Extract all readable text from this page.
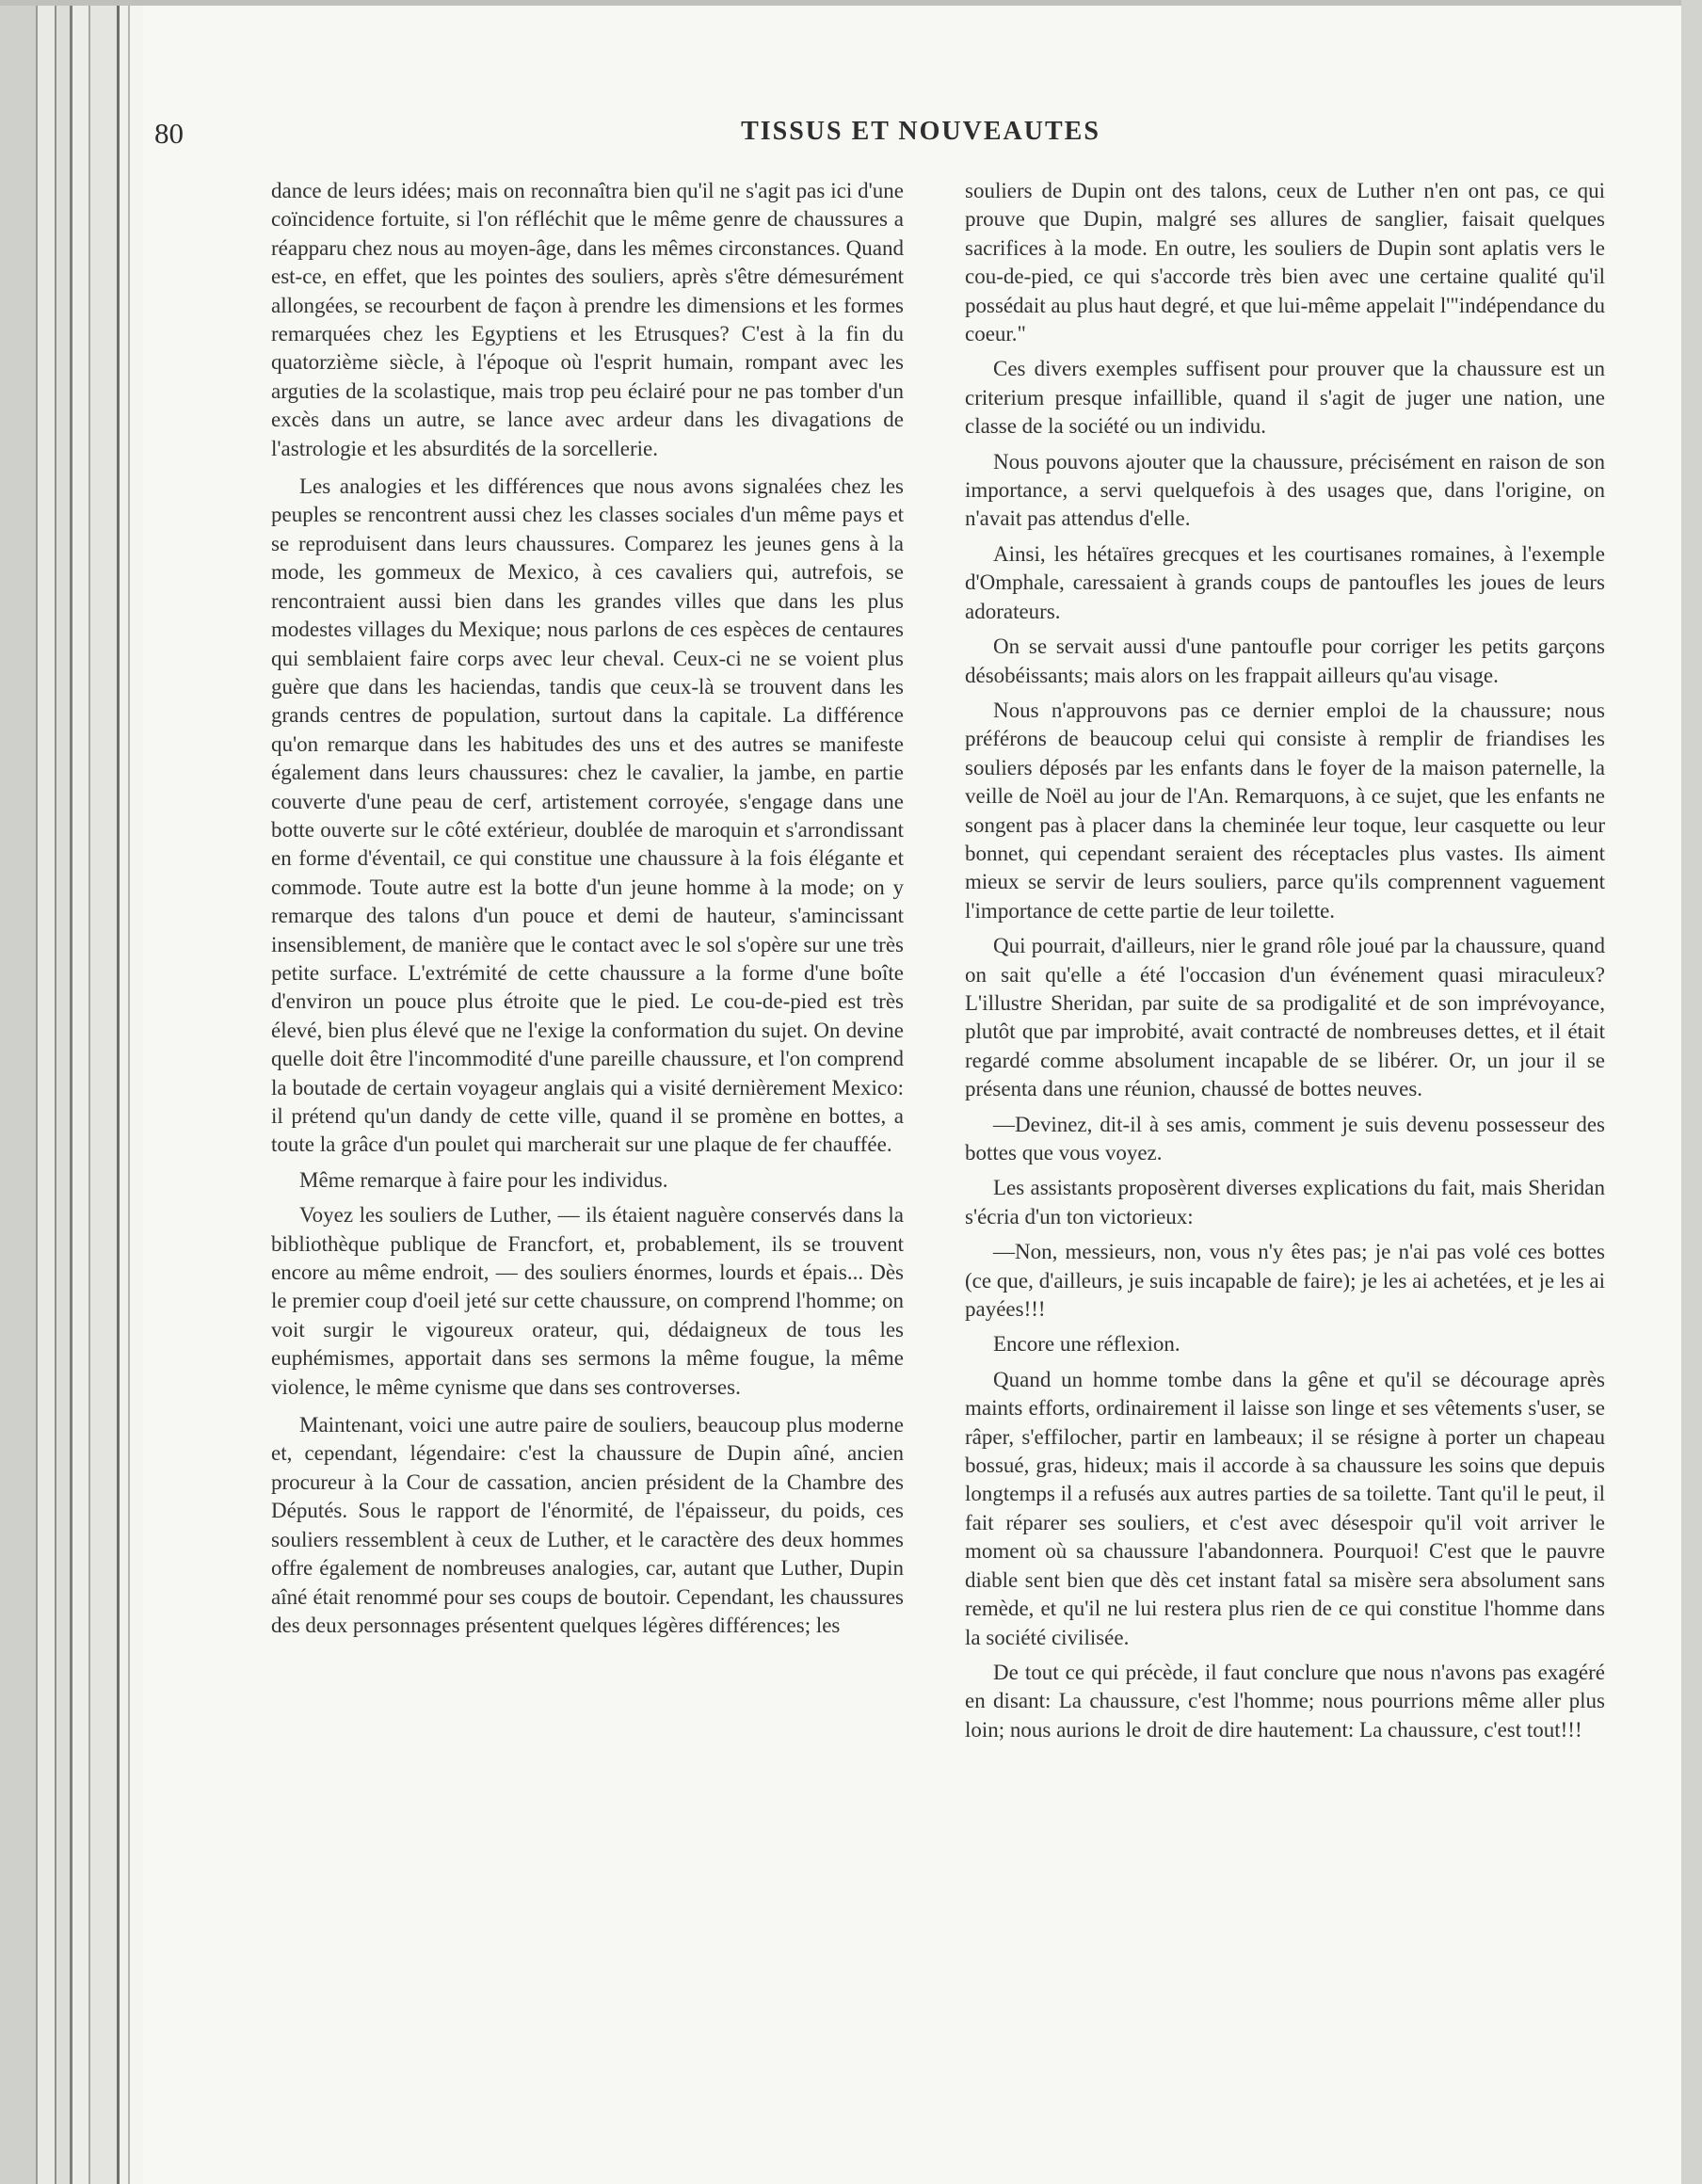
80	TISSUS ET NOUVEAUTES

dance de leurs idées; mais on reconnaîtra bien qu'il ne s'agit pas ici d'une coïncidence fortuite, si l'on réfléchit que le même genre de chaussures a réapparu chez nous au moyen-âge, dans les mêmes circonstances. Quand est-ce, en effet, que les pointes des souliers, après s'être démesurément allongées, se recourbent de façon à prendre les dimensions et les formes remarquées chez les Egyptiens et les Etrusques? C'est à la fin du quatorzième siècle, à l'époque où l'esprit humain, rompant avec les arguties de la scolastique, mais trop peu éclairé pour ne pas tomber d'un excès dans un autre, se lance avec ardeur dans les divagations de l'astrologie et les absurdités de la sorcellerie.

Les analogies et les différences que nous avons signalées chez les peuples se rencontrent aussi chez les classes sociales d'un même pays et se reproduisent dans leurs chaussures. Comparez les jeunes gens à la mode, les gommeux de Mexico, à ces cavaliers qui, autrefois, se rencontraient aussi bien dans les grandes villes que dans les plus modestes villages du Mexique; nous parlons de ces espèces de centaures qui semblaient faire corps avec leur cheval. Ceux-ci ne se voient plus guère que dans les haciendas, tandis que ceux-là se trouvent dans les grands centres de population, surtout dans la capitale. La différence qu'on remarque dans les habitudes des uns et des autres se manifeste également dans leurs chaussures: chez le cavalier, la jambe, en partie couverte d'une peau de cerf, artistement corroyée, s'engage dans une botte ouverte sur le côté extérieur, doublée de maroquin et s'arrondissant en forme d'éventail, ce qui constitue une chaussure à la fois élégante et commode. Toute autre est la botte d'un jeune homme à la mode; on y remarque des talons d'un pouce et demi de hauteur, s'amincissant insensiblement, de manière que le contact avec le sol s'opère sur une très petite surface. L'extrémité de cette chaussure a la forme d'une boîte d'environ un pouce plus étroite que le pied. Le cou-de-pied est très élevé, bien plus élevé que ne l'exige la conformation du sujet. On devine quelle doit être l'incommodité d'une pareille chaussure, et l'on comprend la boutade de certain voyageur anglais qui a visité dernièrement Mexico: il prétend qu'un dandy de cette ville, quand il se promène en bottes, a toute la grâce d'un poulet qui marcherait sur une plaque de fer chauffée.

Même remarque à faire pour les individus.

Voyez les souliers de Luther, — ils étaient naguère conservés dans la bibliothèque publique de Francfort, et, probablement, ils se trouvent encore au même endroit, — des souliers énormes, lourds et épais... Dès le premier coup d'oeil jeté sur cette chaussure, on comprend l'homme; on voit surgir le vigoureux orateur, qui, dédaigneux de tous les euphémismes, apportait dans ses sermons la même fougue, la même violence, le même cynisme que dans ses controverses.

Maintenant, voici une autre paire de souliers, beaucoup plus moderne et, cependant, légendaire: c'est la chaussure de Dupin aîné, ancien procureur à la Cour de cassation, ancien président de la Chambre des Députés. Sous le rapport de l'énormité, de l'épaisseur, du poids, ces souliers ressemblent à ceux de Luther, et le caractère des deux hommes offre également de nombreuses analogies, car, autant que Luther, Dupin aîné était renommé pour ses coups de boutoir. Cependant, les chaussures des deux personnages présentent quelques légères différences; les

souliers de Dupin ont des talons, ceux de Luther n'en ont pas, ce qui prouve que Dupin, malgré ses allures de sanglier, faisait quelques sacrifices à la mode. En outre, les souliers de Dupin sont aplatis vers le cou-de-pied, ce qui s'accorde très bien avec une certaine qualité qu'il possédait au plus haut degré, et que lui-même appelait l'"indépendance du coeur."

Ces divers exemples suffisent pour prouver que la chaussure est un criterium presque infaillible, quand il s'agit de juger une nation, une classe de la société ou un individu.

Nous pouvons ajouter que la chaussure, précisément en raison de son importance, a servi quelquefois à des usages que, dans l'origine, on n'avait pas attendus d'elle.

Ainsi, les hétaïres grecques et les courtisanes romaines, à l'exemple d'Omphale, caressaient à grands coups de pantoufles les joues de leurs adorateurs.

On se servait aussi d'une pantoufle pour corriger les petits garçons désobéissants; mais alors on les frappait ailleurs qu'au visage.

Nous n'approuvons pas ce dernier emploi de la chaussure; nous préférons de beaucoup celui qui consiste à remplir de friandises les souliers déposés par les enfants dans le foyer de la maison paternelle, la veille de Noël au jour de l'An. Remarquons, à ce sujet, que les enfants ne songent pas à placer dans la cheminée leur toque, leur casquette ou leur bonnet, qui cependant seraient des réceptacles plus vastes. Ils aiment mieux se servir de leurs souliers, parce qu'ils comprennent vaguement l'importance de cette partie de leur toilette.

Qui pourrait, d'ailleurs, nier le grand rôle joué par la chaussure, quand on sait qu'elle a été l'occasion d'un événement quasi miraculeux? L'illustre Sheridan, par suite de sa prodigalité et de son imprévoyance, plutôt que par improbité, avait contracté de nombreuses dettes, et il était regardé comme absolument incapable de se libérer. Or, un jour il se présenta dans une réunion, chaussé de bottes neuves.

—Devinez, dit-il à ses amis, comment je suis devenu possesseur des bottes que vous voyez.

Les assistants proposèrent diverses explications du fait, mais Sheridan s'écria d'un ton victorieux:

—Non, messieurs, non, vous n'y êtes pas; je n'ai pas volé ces bottes (ce que, d'ailleurs, je suis incapable de faire); je les ai achetées, et je les ai payées!!!

Encore une réflexion.

Quand un homme tombe dans la gêne et qu'il se décourage après maints efforts, ordinairement il laisse son linge et ses vêtements s'user, se râper, s'effilocher, partir en lambeaux; il se résigne à porter un chapeau bossué, gras, hideux; mais il accorde à sa chaussure les soins que depuis longtemps il a refusés aux autres parties de sa toilette. Tant qu'il le peut, il fait réparer ses souliers, et c'est avec désespoir qu'il voit arriver le moment où sa chaussure l'abandonnera. Pourquoi! C'est que le pauvre diable sent bien que dès cet instant fatal sa misère sera absolument sans remède, et qu'il ne lui restera plus rien de ce qui constitue l'homme dans la société civilisée.

De tout ce qui précède, il faut conclure que nous n'avons pas exagéré en disant: La chaussure, c'est l'homme; nous pourrions même aller plus loin; nous aurions le droit de dire hautement: La chaussure, c'est tout!!!
